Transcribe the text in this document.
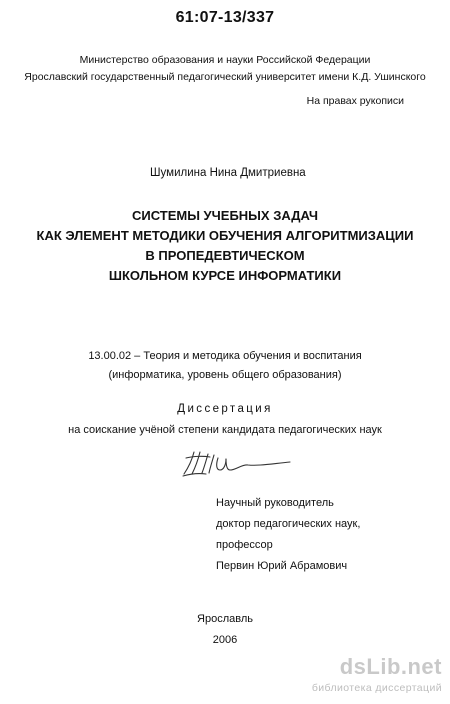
61:07-13/337
Министерство образования и науки Российской Федерации
Ярославский государственный педагогический университет имени К.Д. Ушинского
На правах рукописи
Шумилина Нина Дмитриевна
СИСТЕМЫ УЧЕБНЫХ ЗАДАЧ
КАК ЭЛЕМЕНТ МЕТОДИКИ ОБУЧЕНИЯ АЛГОРИТМИЗАЦИИ
В ПРОПЕДЕВТИЧЕСКОМ
ШКОЛЬНОМ КУРСЕ ИНФОРМАТИКИ
13.00.02 – Теория и методика обучения и воспитания
(информатика, уровень общего образования)
Диссертация
на соискание учёной степени кандидата педагогических наук
Научный руководитель
доктор педагогических наук,
профессор
Первин Юрий Абрамович
Ярославль
2006
dsLib.net
библиотека диссертаций
